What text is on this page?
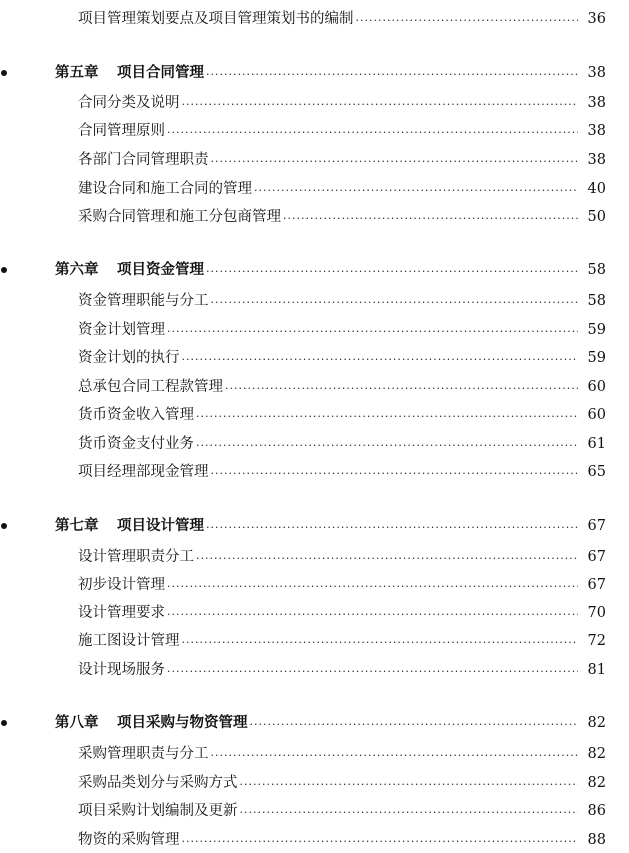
项目管理策划要点及项目管理策划书的编制 ·····	36
第五章	项目合同管理 ·····	38
合同分类及说明 ·····	38
合同管理原则 ·····	38
各部门合同管理职责 ·····	38
建设合同和施工合同的管理 ·····	40
采购合同管理和施工分包商管理 ·····	50
第六章	项目资金管理 ·····	58
资金管理职能与分工 ·····	58
资金计划管理 ·····	59
资金计划的执行 ·····	59
总承包合同工程款管理 ·····	60
货币资金收入管理 ·····	60
货币资金支付业务 ·····	61
项目经理部现金管理 ·····	65
第七章	项目设计管理 ·····	67
设计管理职责分工 ·····	67
初步设计管理 ·····	67
设计管理要求 ·····	70
施工图设计管理 ·····	72
设计现场服务 ·····	81
第八章	项目采购与物资管理 ·····	82
采购管理职责与分工 ·····	82
采购品类划分与采购方式 ·····	82
项目采购计划编制及更新 ·····	86
物资的采购管理 ·····	88
